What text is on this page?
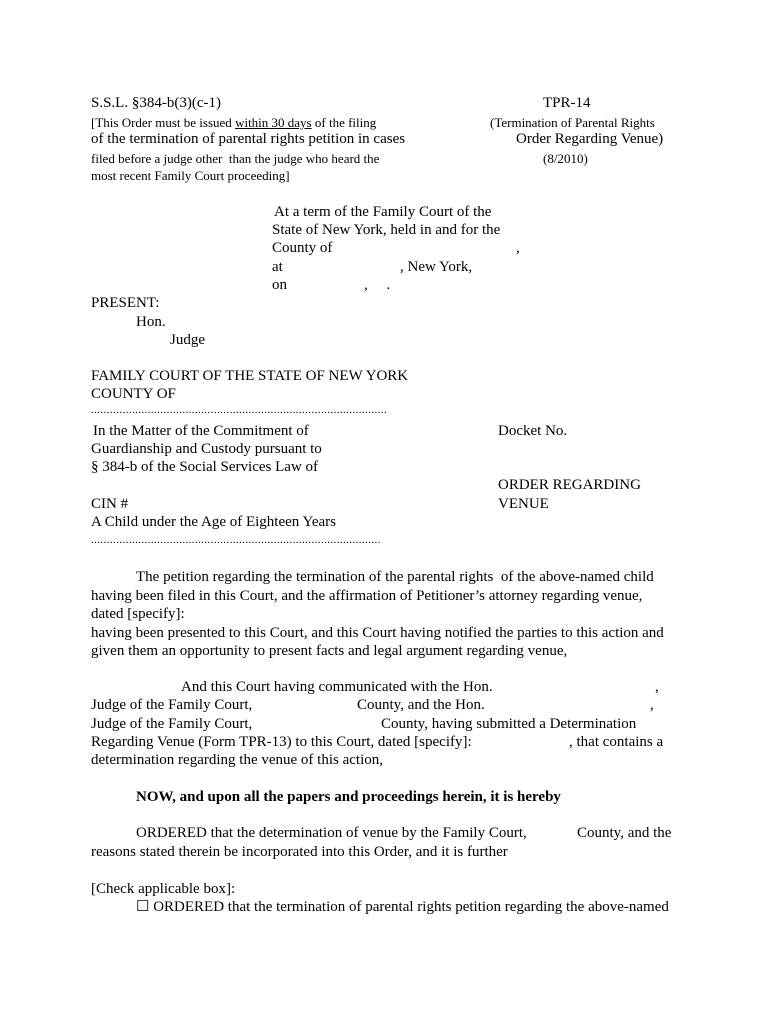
S.S.L. §384-b(3)(c-1)
[This Order must be issued within 30 days of the filing
of the termination of parental rights petition in cases
filed before a judge other  than the judge who heard the
most recent Family Court proceeding]
TPR-14
(Termination of Parental Rights
Order Regarding Venue)
(8/2010)
At a term of the Family Court of the
State of New York, held in and for the
County of	,
at	, New York,
on	,     .
PRESENT:
Hon.
Judge
FAMILY COURT OF THE STATE OF NEW YORK
COUNTY OF
..............................................................................................
In the Matter of the Commitment of
Guardianship and Custody pursuant to
§ 384-b of the Social Services Law of
CIN #
A Child under the Age of Eighteen Years
............................................................................................
Docket No.
ORDER REGARDING
VENUE
The petition regarding the termination of the parental rights  of the above-named child
having been filed in this Court, and the affirmation of Petitioner’s attorney regarding venue,
dated [specify]:
having been presented to this Court, and this Court having notified the parties to this action and
given them an opportunity to present facts and legal argument regarding venue,
And this Court having communicated with the Hon.	,
Judge of the Family Court,	County, and the Hon.	,
Judge of the Family Court,	County, having submitted a Determination
Regarding Venue (Form TPR-13) to this Court, dated [specify]:	, that contains a
determination regarding the venue of this action,
NOW, and upon all the papers and proceedings herein, it is hereby
ORDERED that the determination of venue by the Family Court,	County, and the
reasons stated therein be incorporated into this Order, and it is further
[Check applicable box]:
☐ ORDERED that the termination of parental rights petition regarding the above-named
